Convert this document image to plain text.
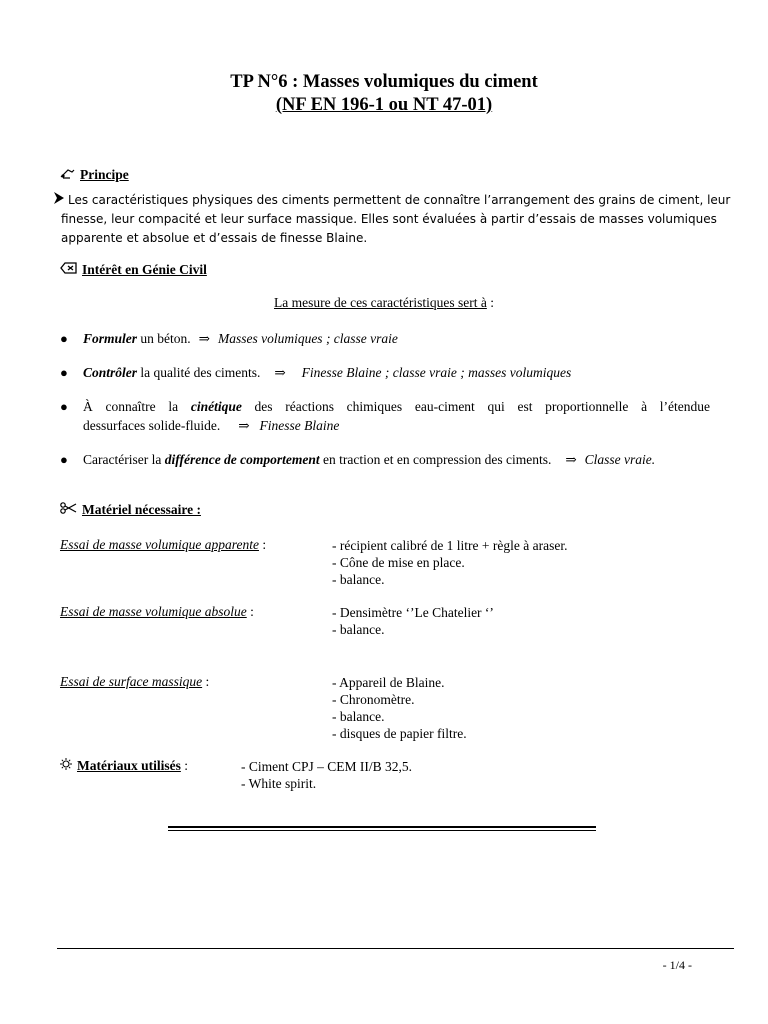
TP N°6 : Masses volumiques du ciment
(NF EN 196-1 ou NT 47-01)
Principe
Les caractéristiques physiques des ciments permettent de connaître l’arrangement des grains de ciment, leur
finesse, leur compacité et leur surface massique. Elles sont évaluées à partir d’essais de masses volumiques
apparente et absolue et d’essais de finesse Blaine.
Intérêt en Génie Civil
La mesure de ces caractéristiques sert à :
●	Formuler un béton. ⇒ Masses volumiques ; classe vraie
●	Contrôler la qualité des ciments. ⇒ Finesse Blaine ; classe vraie ; masses volumiques
●	À connaître la cinétique des réactions chimiques eau-ciment qui est proportionnelle à l’étendue
dessurfaces solide-fluide. ⇒ Finesse Blaine
●	Caractériser la différence de comportement en traction et en compression des ciments. ⇒ Classe vraie.
Matériel nécessaire :
Essai de masse volumique apparente :	- récipient calibré de 1 litre + règle à araser.
- Cône de mise en place.
- balance.
Essai de masse volumique absolue :	- Densimètre ‘’Le Chatelier ‘’
- balance.
Essai de surface massique :	- Appareil de Blaine.
- Chronomètre.
- balance.
- disques de papier filtre.
Matériaux utilisés :	- Ciment CPJ – CEM II/B 32,5.
- White spirit.
- 1/4 -
